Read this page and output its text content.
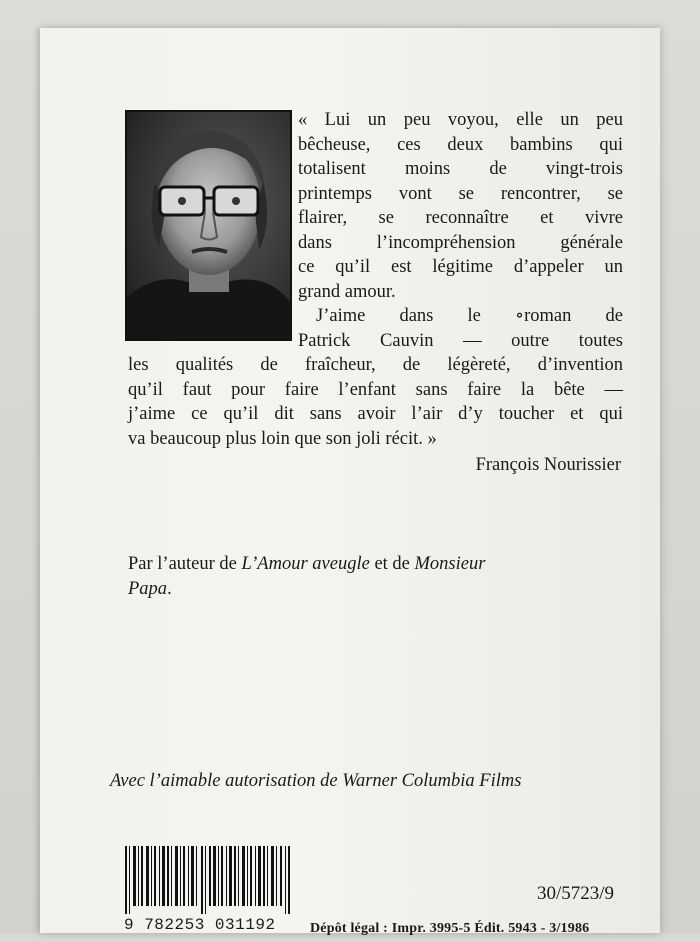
« Lui un peu voyou, elle un peu
bêcheuse, ces deux bambins qui
totalisent moins de vingt-trois
printemps vont se rencontrer, se
flairer, se reconnaître et vivre
dans l’incompréhension générale
ce qu’il est légitime d’appeler un
grand amour.
J’aime dans le ∘roman de
Patrick Cauvin — outre toutes
les qualités de fraîcheur, de légèreté, d’invention
qu’il faut pour faire l’enfant sans faire la bête —
j’aime ce qu’il dit sans avoir l’air d’y toucher et qui
va beaucoup plus loin que son joli récit. »
François Nourissier
Par l’auteur de L’Amour aveugle et de Monsieur
Papa.
Avec l’aimable autorisation de Warner Columbia Films
9 782253 031192
30/5723/9
Dépôt légal : Impr. 3995-5 Édit. 5943 - 3/1986
